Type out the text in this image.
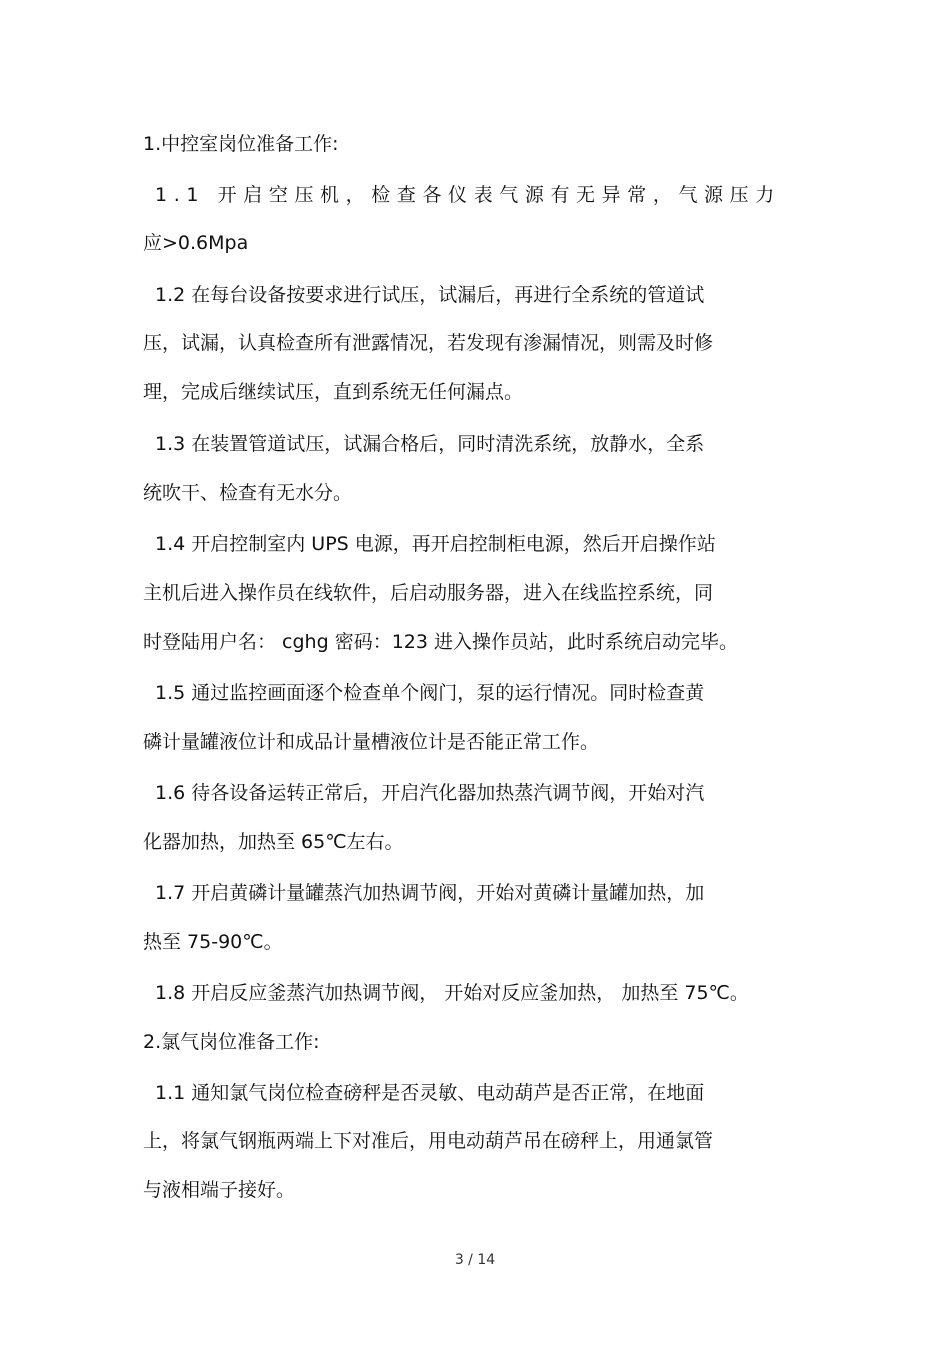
1.中控室岗位准备工作:
1.1 开启空压机，检查各仪表气源有无异常，气源压力
应>0.6Mpa
1.2 在每台设备按要求进行试压，试漏后，再进行全系统的管道试
压，试漏，认真检查所有泄露情况，若发现有渗漏情况，则需及时修
理，完成后继续试压，直到系统无任何漏点。
1.3 在装置管道试压，试漏合格后，同时清洗系统，放静水，全系
统吹干、检查有无水分。
1.4 开启控制室内 UPS 电源，再开启控制柜电源，然后开启操作站
主机后进入操作员在线软件，后启动服务器，进入在线监控系统，同
时登陆用户名： cghg 密码：123 进入操作员站，此时系统启动完毕。
1.5 通过监控画面逐个检查单个阀门，泵的运行情况。同时检查黄
磷计量罐液位计和成品计量槽液位计是否能正常工作。
1.6 待各设备运转正常后，开启汽化器加热蒸汽调节阀，开始对汽
化器加热，加热至 65℃左右。
1.7 开启黄磷计量罐蒸汽加热调节阀，开始对黄磷计量罐加热，加
热至 75-90℃。
1.8 开启反应釜蒸汽加热调节阀， 开始对反应釜加热， 加热至 75℃。
2.氯气岗位准备工作:
1.1 通知氯气岗位检查磅秤是否灵敏、电动葫芦是否正常，在地面
上，将氯气钢瓶两端上下对准后，用电动葫芦吊在磅秤上，用通氯管
与液相端子接好。
3 / 14
